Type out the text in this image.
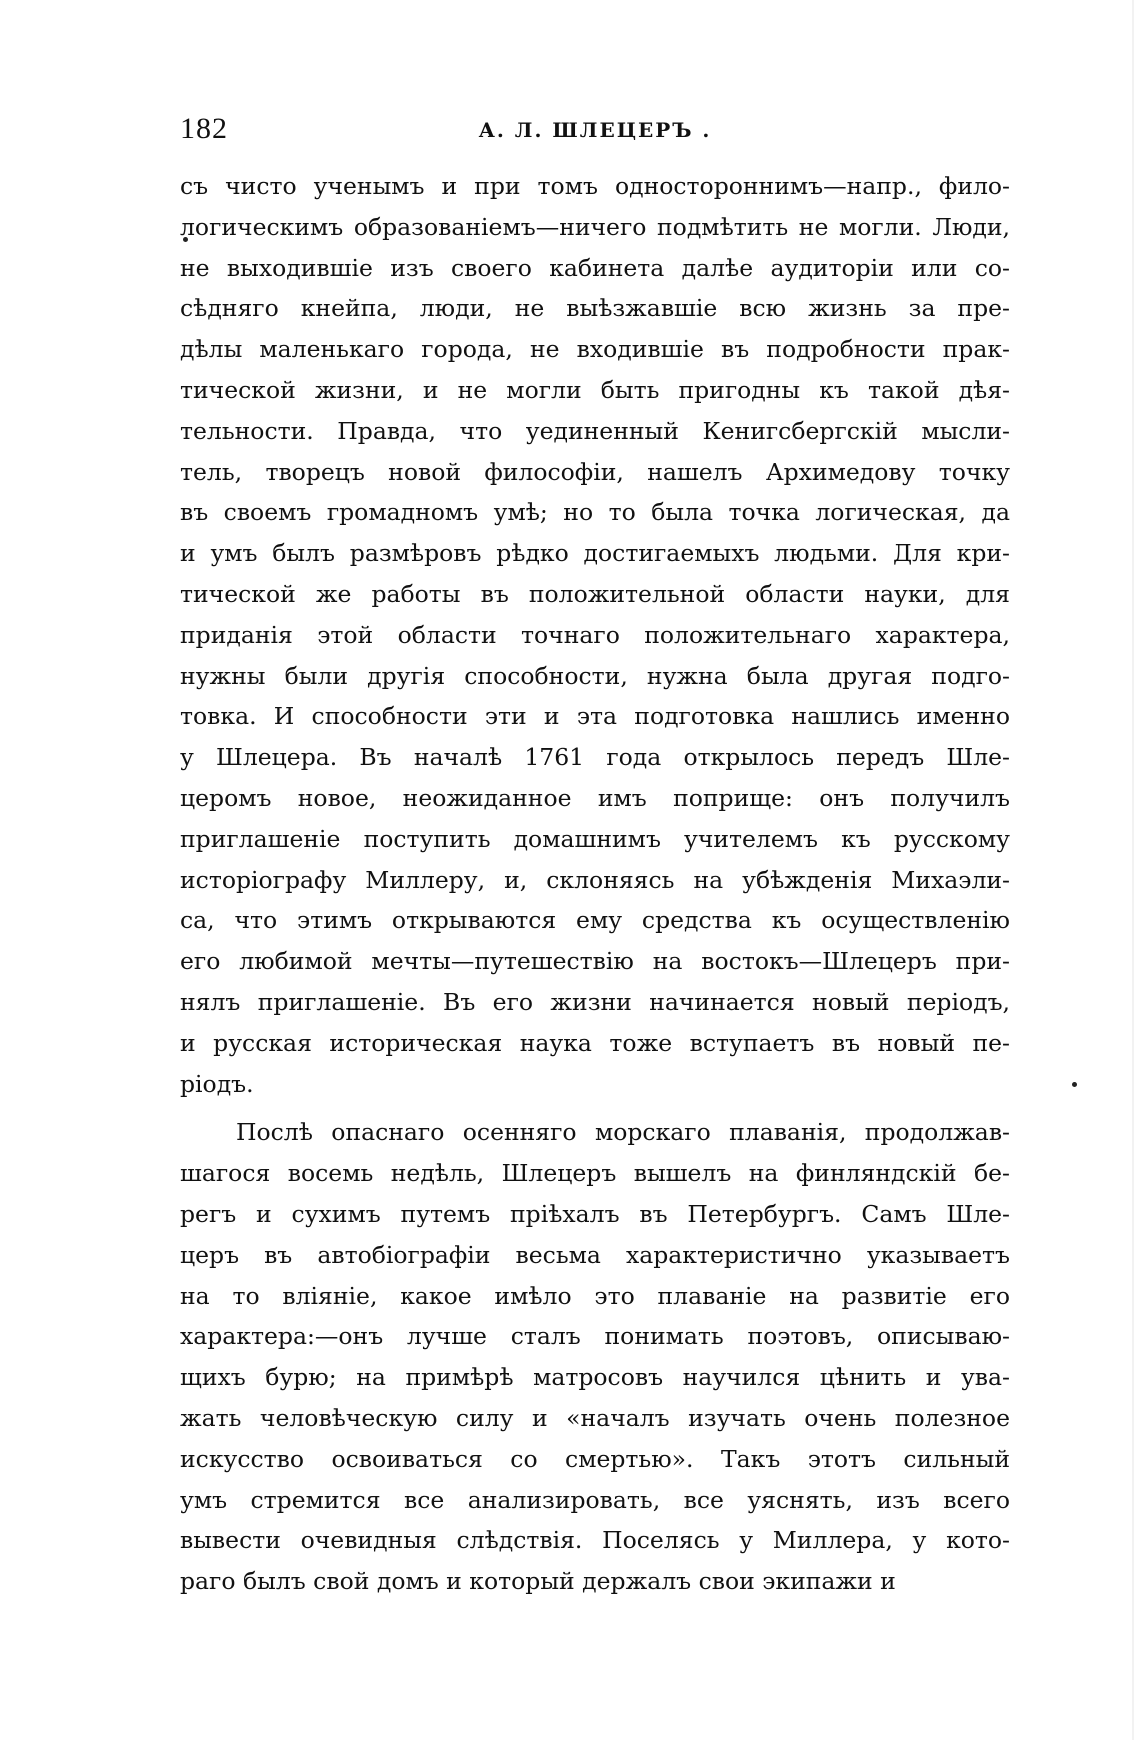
182	А. Л. ШЛЕЦЕРЪ .
съ чисто ученымъ и при томъ одностороннимъ—напр., фило-
логическимъ образованіемъ—ничего подмѣтить не могли. Люди,
не выходившіе изъ своего кабинета далѣе аудиторіи или со-
сѣдняго кнейпа, люди, не выѣзжавшіе всю жизнь за пре-
дѣлы маленькаго города, не входившіе въ подробности прак-
тической жизни, и не могли быть пригодны къ такой дѣя-
тельности. Правда, что уединенный Кенигсбергскій мысли-
тель, творецъ новой философіи, нашелъ Архимедову точку
въ своемъ громадномъ умѣ; но то была точка логическая, да
и умъ былъ размѣровъ рѣдко достигаемыхъ людьми. Для кри-
тической же работы въ положительной области науки, для
приданія этой области точнаго положительнаго характера,
нужны были другія способности, нужна была другая подго-
товка. И способности эти и эта подготовка нашлись именно
у Шлецера. Въ началѣ 1761 года открылось передъ Шле-
церомъ новое, неожиданное имъ поприще: онъ получилъ
приглашеніе поступить домашнимъ учителемъ къ русскому
исторіографу Миллеру, и, склоняясь на убѣжденія Михаэли-
са, что этимъ открываются ему средства къ осуществленію
его любимой мечты—путешествію на востокъ—Шлецеръ при-
нялъ приглашеніе. Въ его жизни начинается новый періодъ,
и русская историческая наука тоже вступаетъ въ новый пе-
ріодъ.
Послѣ опаснаго осенняго морскаго плаванія, продолжав-
шагося восемь недѣль, Шлецеръ вышелъ на финляндскій бе-
регъ и сухимъ путемъ пріѣхалъ въ Петербургъ. Самъ Шле-
церъ въ автобіографіи весьма характеристично указываетъ
на то вліяніе, какое имѣло это плаваніе на развитіе его
характера:—онъ лучше сталъ понимать поэтовъ, описываю-
щихъ бурю; на примѣрѣ матросовъ научился цѣнить и ува-
жать человѣческую силу и «началъ изучать очень полезное
искусство освоиваться со смертью». Такъ этотъ сильный
умъ стремится все анализировать, все уяснять, изъ всего
вывести очевидныя слѣдствія. Поселясь у Миллера, у кото-
раго былъ свой домъ и который держалъ свои экипажи и
